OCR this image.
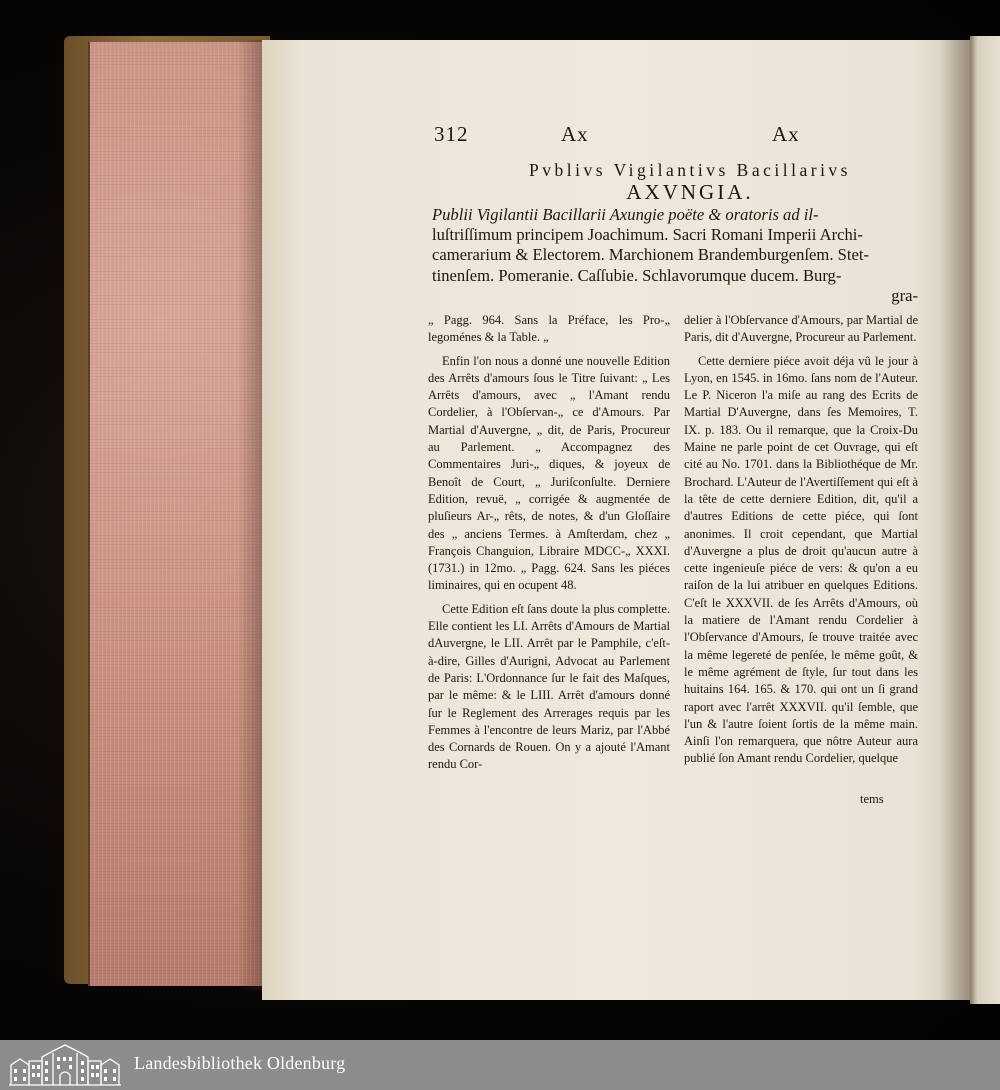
312	Ax	Ax
Pvblivs Vigilantivs Bacillarivs
AXVNGIA.
Publii Vigilantii Bacillarii Axungie poëte & oratoris ad il-
luſtriſſimum principem Joachimum. Sacri Romani Imperii Archi-
camerarium & Electorem. Marchionem Brandemburgenſem. Stet-
tinenſem. Pomeranie. Caſſubie. Schlavorumque ducem. Burg-
gra-

„ Pagg. 964. Sans la Préface, les Pro-„ legoménes & la Table. „

Enfin l'on nous a donné une nouvelle Edition des Arrêts d'amours ſous le Titre ſuivant: „ Les Arrêts d'amours, avec „ l'Amant rendu Cordelier, à l'Obſervan-„ ce d'Amours. Par Martial d'Auvergne, „ dit, de Paris, Procureur au Parlement. „ Accompagnez des Commentaires Juri-„ diques, & joyeux de Benoît de Court, „ Juriſconſulte. Derniere Edition, revuë, „ corrigée & augmentée de pluſieurs Ar-„ rêts, de notes, & d'un Gloſſaire des „ anciens Termes. à Amſterdam, chez „ François Changuion, Libraire MDCC-„ XXXI. (1731.) in 12mo. „ Pagg. 624. Sans les piéces liminaires, qui en ocupent 48.

Cette Edition eſt ſans doute la plus complette. Elle contient les LI. Arrêts d'Amours de Martial dAuvergne, le LII. Arrêt par le Pamphile, c'eſt-à-dire, Gilles d'Aurigni, Advocat au Parlement de Paris: L'Ordonnance ſur le fait des Maſques, par le même: & le LIII. Arrêt d'amours donné ſur le Reglement des Arrerages requis par les Femmes à l'encontre de leurs Mariz, par l'Abbé des Cornards de Rouen. On y a ajouté l'Amant rendu Cor-

delier à l'Obſervance d'Amours, par Martial de Paris, dit d'Auvergne, Procureur au Parlement.

Cette derniere piéce avoit déja vû le jour à Lyon, en 1545. in 16mo. ſans nom de l'Auteur. Le P. Niceron l'a miſe au rang des Ecrits de Martial D'Auvergne, dans ſes Memoires, T. IX. p. 183. Ou il remarque, que la Croix-Du Maine ne parle point de cet Ouvrage, qui eſt cité au No. 1701. dans la Bibliothéque de Mr. Brochard. L'Auteur de l'Avertiſſement qui eſt à la tête de cette derniere Edition, dit, qu'il a d'autres Editions de cette piéce, qui ſont anonimes. Il croit cependant, que Martial d'Auvergne a plus de droit qu'aucun autre à cette ingenieuſe piéce de vers: & qu'on a eu raiſon de la lui atribuer en quelques Editions. C'eſt le XXXVII. de ſes Arrêts d'Amours, où la matiere de l'Amant rendu Cordelier à l'Obſervance d'Amours, ſe trouve traitée avec la même legereté de penſée, le même goût, & le même agrément de ſtyle, ſur tout dans les huitains 164. 165. & 170. qui ont un ſi grand raport avec l'arrêt XXXVII. qu'il ſemble, que l'un & l'autre ſoient ſortis de la même main. Ainſi l'on remarquera, que nôtre Auteur aura publié ſon Amant rendu Cordelier, quelque

tems
Landesbibliothek Oldenburg
